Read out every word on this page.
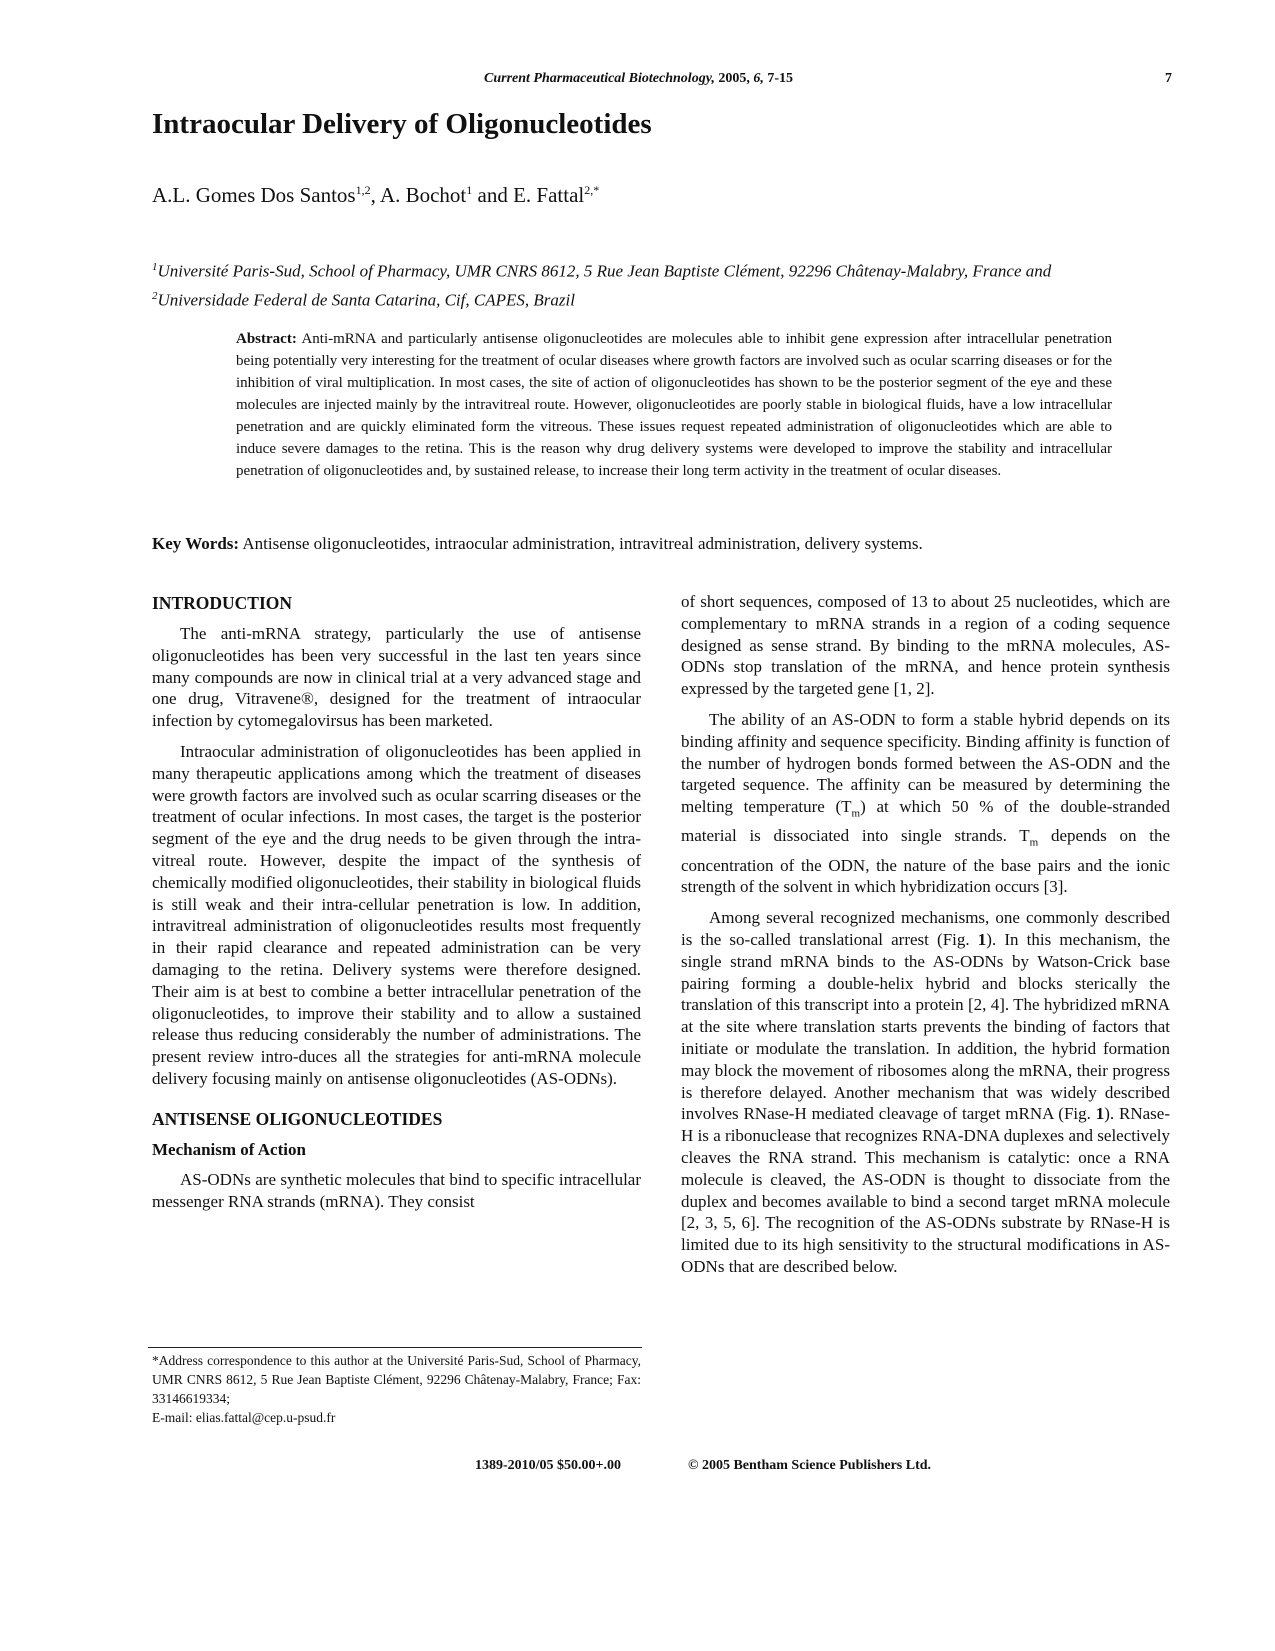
Current Pharmaceutical Biotechnology, 2005, 6, 7-15	7
Intraocular Delivery of Oligonucleotides
A.L. Gomes Dos Santos$^{1,2}$, A. Bochot$^1$ and E. Fattal$^{2,*}$
$^1$Université Paris-Sud, School of Pharmacy, UMR CNRS 8612, 5 Rue Jean Baptiste Clément, 92296 Châtenay-Malabry, France and $^2$Universidade Federal de Santa Catarina, Cif, CAPES, Brazil
Abstract: Anti-mRNA and particularly antisense oligonucleotides are molecules able to inhibit gene expression after intracellular penetration being potentially very interesting for the treatment of ocular diseases where growth factors are involved such as ocular scarring diseases or for the inhibition of viral multiplication. In most cases, the site of action of oligonucleotides has shown to be the posterior segment of the eye and these molecules are injected mainly by the intravitreal route. However, oligonucleotides are poorly stable in biological fluids, have a low intracellular penetration and are quickly eliminated form the vitreous. These issues request repeated administration of oligonucleotides which are able to induce severe damages to the retina. This is the reason why drug delivery systems were developed to improve the stability and intracellular penetration of oligonucleotides and, by sustained release, to increase their long term activity in the treatment of ocular diseases.
Key Words: Antisense oligonucleotides, intraocular administration, intravitreal administration, delivery systems.
INTRODUCTION

The anti-mRNA strategy, particularly the use of antisense oligonucleotides has been very successful in the last ten years since many compounds are now in clinical trial at a very advanced stage and one drug, Vitravene®, designed for the treatment of intraocular infection by cytomegalovirsus has been marketed.

Intraocular administration of oligonucleotides has been applied in many therapeutic applications among which the treatment of diseases were growth factors are involved such as ocular scarring diseases or the treatment of ocular infections. In most cases, the target is the posterior segment of the eye and the drug needs to be given through the intra-vitreal route. However, despite the impact of the synthesis of chemically modified oligonucleotides, their stability in biological fluids is still weak and their intra-cellular penetration is low. In addition, intravitreal administration of oligonucleotides results most frequently in their rapid clearance and repeated administration can be very damaging to the retina. Delivery systems were therefore designed. Their aim is at best to combine a better intracellular penetration of the oligonucleotides, to improve their stability and to allow a sustained release thus reducing considerably the number of administrations. The present review intro-duces all the strategies for anti-mRNA molecule delivery focusing mainly on antisense oligonucleotides (AS-ODNs).

ANTISENSE OLIGONUCLEOTIDES
Mechanism of Action

AS-ODNs are synthetic molecules that bind to specific intracellular messenger RNA strands (mRNA). They consist

of short sequences, composed of 13 to about 25 nucleotides, which are complementary to mRNA strands in a region of a coding sequence designed as sense strand. By binding to the mRNA molecules, AS-ODNs stop translation of the mRNA, and hence protein synthesis expressed by the targeted gene [1, 2].

The ability of an AS-ODN to form a stable hybrid depends on its binding affinity and sequence specificity. Binding affinity is function of the number of hydrogen bonds formed between the AS-ODN and the targeted sequence. The affinity can be measured by determining the melting temperature $(T_m)$ at which 50 % of the double-stranded material is dissociated into single strands. $T_m$ depends on the concentration of the ODN, the nature of the base pairs and the ionic strength of the solvent in which hybridization occurs [3].

Among several recognized mechanisms, one commonly described is the so-called translational arrest (Fig. 1). In this mechanism, the single strand mRNA binds to the AS-ODNs by Watson-Crick base pairing forming a double-helix hybrid and blocks sterically the translation of this transcript into a protein [2, 4]. The hybridized mRNA at the site where translation starts prevents the binding of factors that initiate or modulate the translation. In addition, the hybrid formation may block the movement of ribosomes along the mRNA, their progress is therefore delayed. Another mechanism that was widely described involves RNase-H mediated cleavage of target mRNA (Fig. 1). RNase-H is a ribonuclease that recognizes RNA-DNA duplexes and selectively cleaves the RNA strand. This mechanism is catalytic: once a RNA molecule is cleaved, the AS-ODN is thought to dissociate from the duplex and becomes available to bind a second target mRNA molecule [2, 3, 5, 6]. The recognition of the AS-ODNs substrate by RNase-H is limited due to its high sensitivity to the structural modifications in AS-ODNs that are described below.

*Address correspondence to this author at the Université Paris-Sud, School of Pharmacy, UMR CNRS 8612, 5 Rue Jean Baptiste Clément, 92296 Châtenay-Malabry, France; Fax: 33146619334;
E-mail: elias.fattal@cep.u-psud.fr
1389-2010/05 $50.00+.00	© 2005 Bentham Science Publishers Ltd.
